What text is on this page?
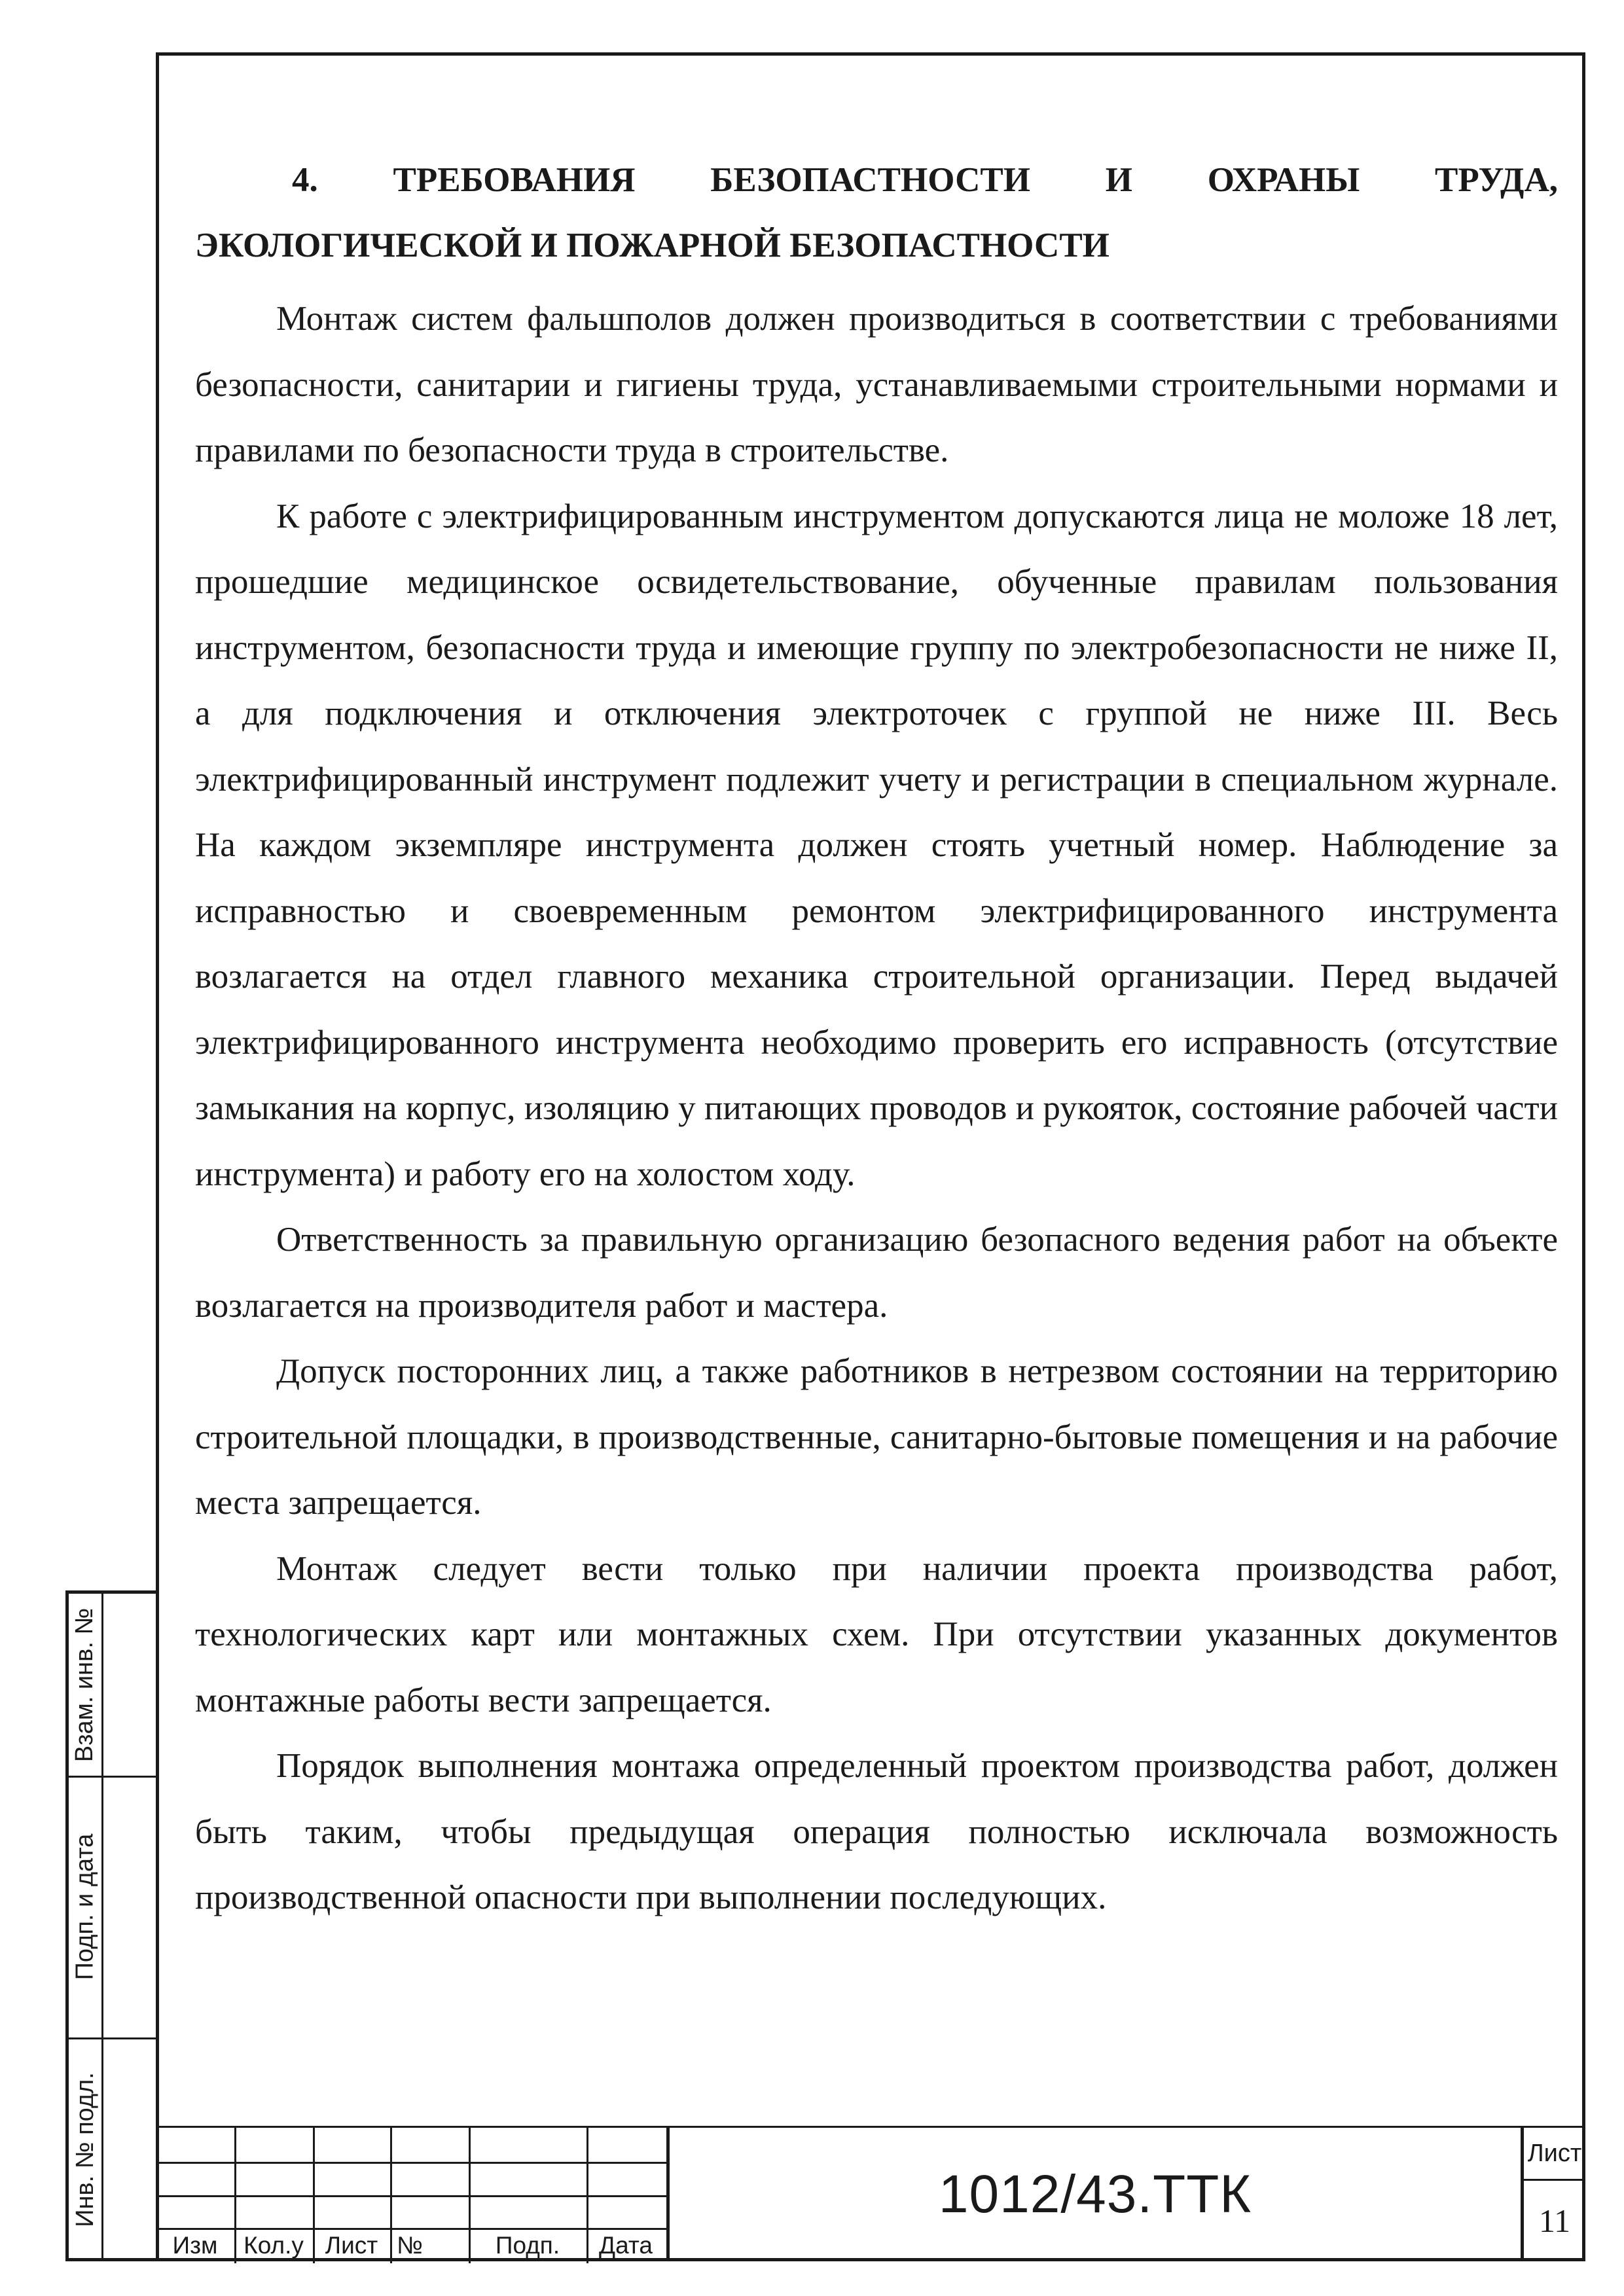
4. ТРЕБОВАНИЯ БЕЗОПАСТНОСТИ И ОХРАНЫ ТРУДА,
ЭКОЛОГИЧЕСКОЙ И ПОЖАРНОЙ БЕЗОПАСТНОСТИ

Монтаж систем фальшполов должен производиться в соответствии с требованиями безопасности, санитарии и гигиены труда, устанавливаемыми строительными нормами и правилами по безопасности труда в строительстве.

К работе с электрифицированным инструментом допускаются лица не моложе 18 лет, прошедшие медицинское освидетельствование, обученные правилам пользования инструментом, безопасности труда и имеющие группу по электробезопасности не ниже II, а для подключения и отключения электроточек с группой не ниже III. Весь электрифицированный инструмент подлежит учету и регистрации в специальном журнале. На каждом экземпляре инструмента должен стоять учетный номер. Наблюдение за исправностью и своевременным ремонтом электрифицированного инструмента возлагается на отдел главного механика строительной организации. Перед выдачей электрифицированного инструмента необходимо проверить его исправность (отсутствие замыкания на корпус, изоляцию у питающих проводов и рукояток, состояние рабочей части инструмента) и работу его на холостом ходу.

Ответственность за правильную организацию безопасного ведения работ на объекте возлагается на производителя работ и мастера.

Допуск посторонних лиц, а также работников в нетрезвом состоянии на территорию строительной площадки, в производственные, санитарно-бытовые помещения и на рабочие места запрещается.

Монтаж следует вести только при наличии проекта производства работ, технологических карт или монтажных схем. При отсутствии указанных документов монтажные работы вести запрещается.

Порядок выполнения монтажа определенный проектом производства работ, должен быть таким, чтобы предыдущая операция полностью исключала возможность производственной опасности при выполнении последующих.

Взам. инв. №
Подп. и дата
Инв. № подл.
Изм	Кол.у Лист №	Подп.	Дата
1012/43.ТТК
Лист
11
